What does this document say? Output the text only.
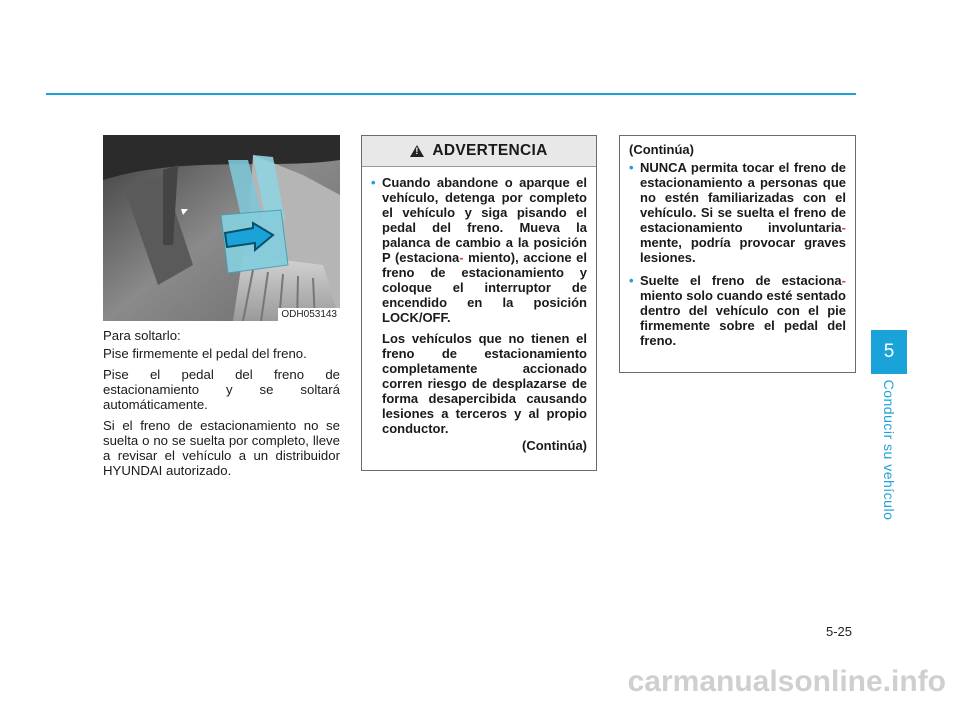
ODH053143

Para soltarlo:

Pise firmemente el pedal del freno.

Pise el pedal del freno de estacionamiento y se soltará automáticamente.

Si el freno de estacionamiento no se suelta o no se suelta por completo, lleve a revisar el vehículo a un distribuidor HYUNDAI autorizado.

! ADVERTENCIA
• Cuando abandone o aparque el vehículo, detenga por completo el vehículo y siga pisando el pedal del freno. Mueva la palanca de cambio a la posición P (estaciona- miento), accione el freno de estacionamiento y coloque el interruptor de encendido en la posición LOCK/OFF.
Los vehículos que no tienen el freno de estacionamiento completamente accionado corren riesgo de desplazarse de forma desapercibida causando lesiones a terceros y al propio conductor.
(Continúa)
(Continúa)
• NUNCA permita tocar el freno de estacionamiento a personas que no estén familiarizadas con el vehículo. Si se suelta el freno de estacionamiento involuntaria- mente, podría provocar graves lesiones.
• Suelte el freno de estaciona- miento solo cuando esté sentado dentro del vehículo con el pie firmemente sobre el pedal del freno.
5
Conducir su vehículo
5-25
carmanualsonline.info
